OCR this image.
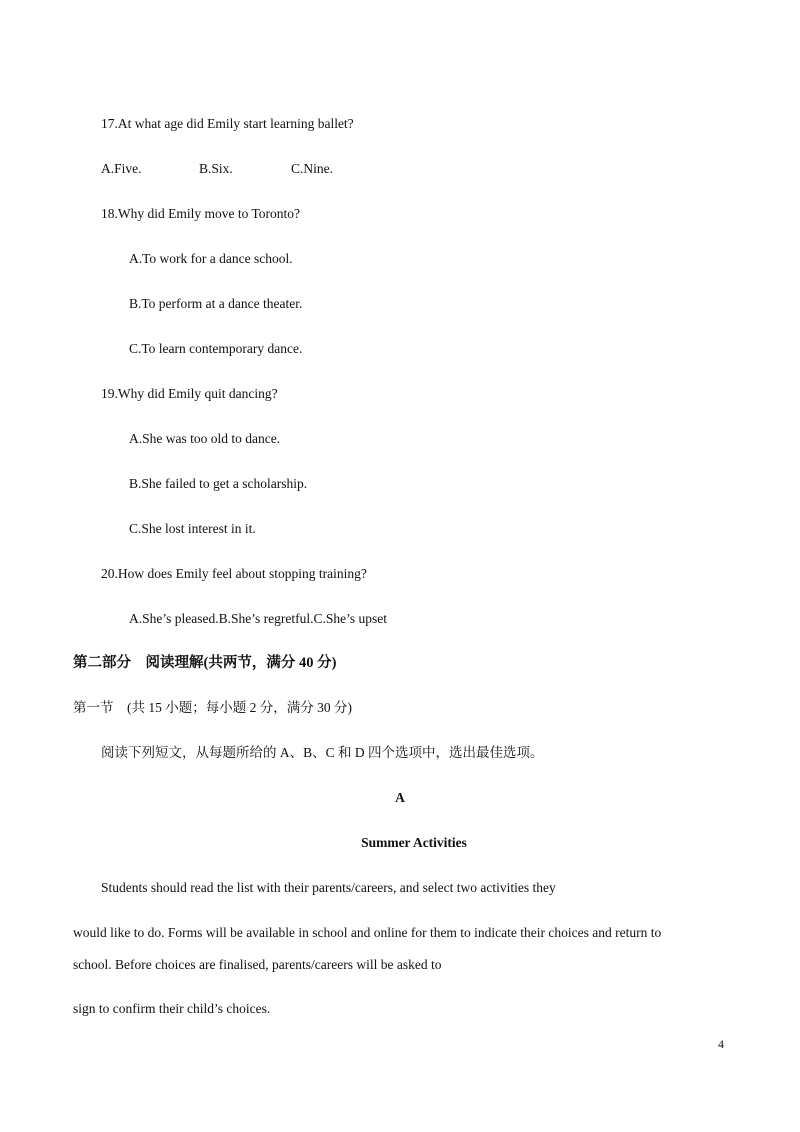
17.At what age did Emily start learning ballet?
A.Five.	B.Six.	C.Nine.
18.Why did Emily move to Toronto?
A.To work for a dance school.
B.To perform at a dance theater.
C.To learn contemporary dance.
19.Why did Emily quit dancing?
A.She was too old to dance.
B.She failed to get a scholarship.
C.She lost interest in it.
20.How does Emily feel about stopping training?
A.She’s pleased.B.She’s regretful.C.She’s upset
第二部分　阅读理解(共两节，满分 40 分)
第一节　(共 15 小题；每小题 2 分，满分 30 分)
阅读下列短文，从每题所给的 A、B、C 和 D 四个选项中，选出最佳选项。
A
Summer Activities
Students should read the list with their parents/careers, and select two activities they
would like to do. Forms will be available in school and online for them to indicate their choices and return to
school. Before choices are finalised, parents/careers will be asked to
sign to confirm their child’s choices.
4
